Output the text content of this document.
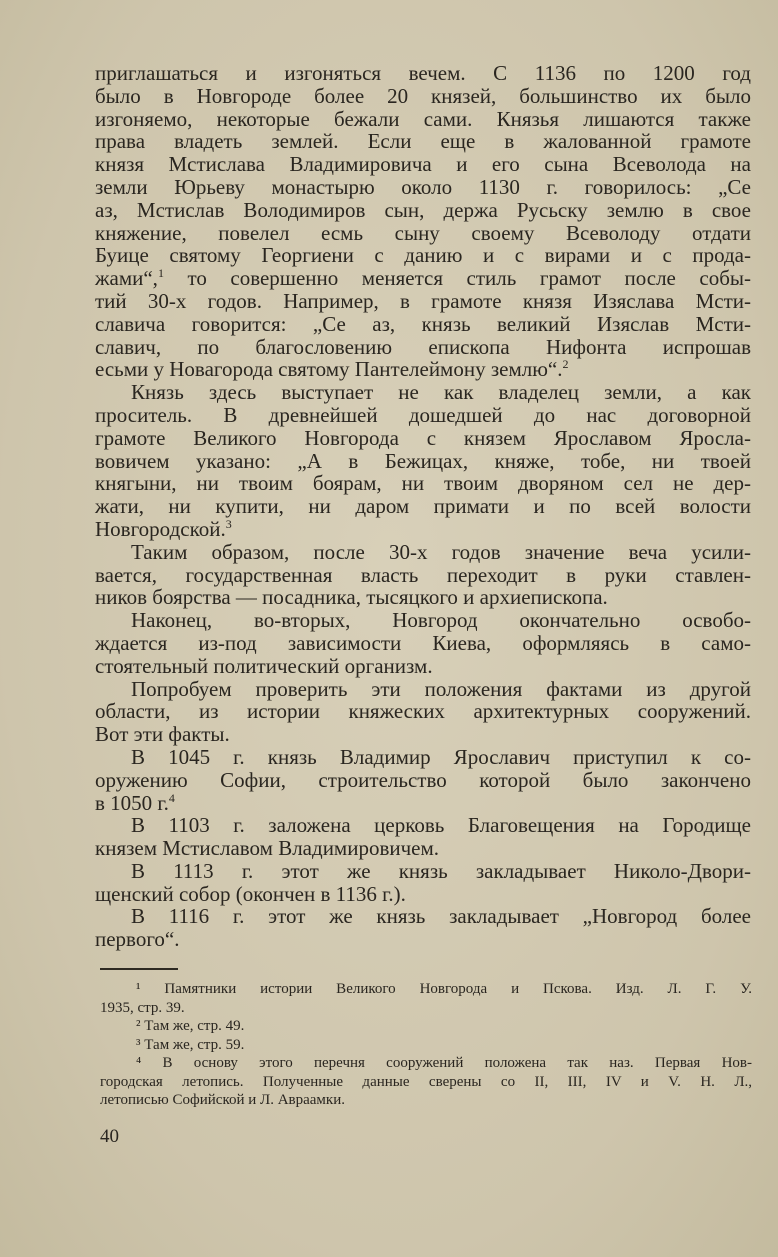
приглашаться и изгоняться вечем. С 1136 по 1200 год
было в Новгороде более 20 князей, большинство их было
изгоняемо, некоторые бежали сами. Князья лишаются также
права владеть землей. Если еще в жалованной грамоте
князя Мстислава Владимировича и его сына Всеволода на
земли Юрьеву монастырю около 1130 г. говорилось: „Се
аз, Мстислав Володимиров сын, держа Русьску землю в свое
княжение, повелел есмь сыну своему Всеволоду отдати
Буице святому Георгиени с данию и с вирами и с прода-
жами“,$^1$ то совершенно меняется стиль грамот после собы-
тий 30-х годов. Например, в грамоте князя Изяслава Мсти-
славича говорится: „Се аз, князь великий Изяслав Мсти-
славич, по благословению епископа Нифонта испрошав
есьми у Новагорода святому Пантелеймону землю“.$^2$
Князь здесь выступает не как владелец земли, а как
проситель. В древнейшей дошедшей до нас договорной
грамоте Великого Новгорода с князем Ярославом Яросла-
вовичем указано: „А в Бежицах, княже, тобе, ни твоей
княгыни, ни твоим боярам, ни твоим дворяном сел не дер-
жати, ни купити, ни даром примати и по всей волости
Новгородской.$^3$
Таким образом, после 30-х годов значение веча усили-
вается, государственная власть переходит в руки ставлен-
ников боярства — посадника, тысяцкого и архиепископа.
Наконец, во-вторых, Новгород окончательно освобо-
ждается из-под зависимости Киева, оформляясь в само-
стоятельный политический организм.
Попробуем проверить эти положения фактами из другой
области, из истории княжеских архитектурных сооружений.
Вот эти факты.
В 1045 г. князь Владимир Ярославич приступил к со-
оружению Софии, строительство которой было закончено
в 1050 г.$^4$
В 1103 г. заложена церковь Благовещения на Городище
князем Мстиславом Владимировичем.
В 1113 г. этот же князь закладывает Николо-Двори-
щенский собор (окончен в 1136 г.).
В 1116 г. этот же князь закладывает „Новгород более
первого“.
¹ Памятники истории Великого Новгорода и Пскова. Изд. Л. Г. У.
1935, стр. 39.
² Там же, стр. 49.
³ Там же, стр. 59.
⁴ В основу этого перечня сооружений положена так наз. Первая Нов-
городская летопись. Полученные данные сверены со II, III, IV и V. Н. Л.,
летописью Софийской и Л. Авраамки.
40
